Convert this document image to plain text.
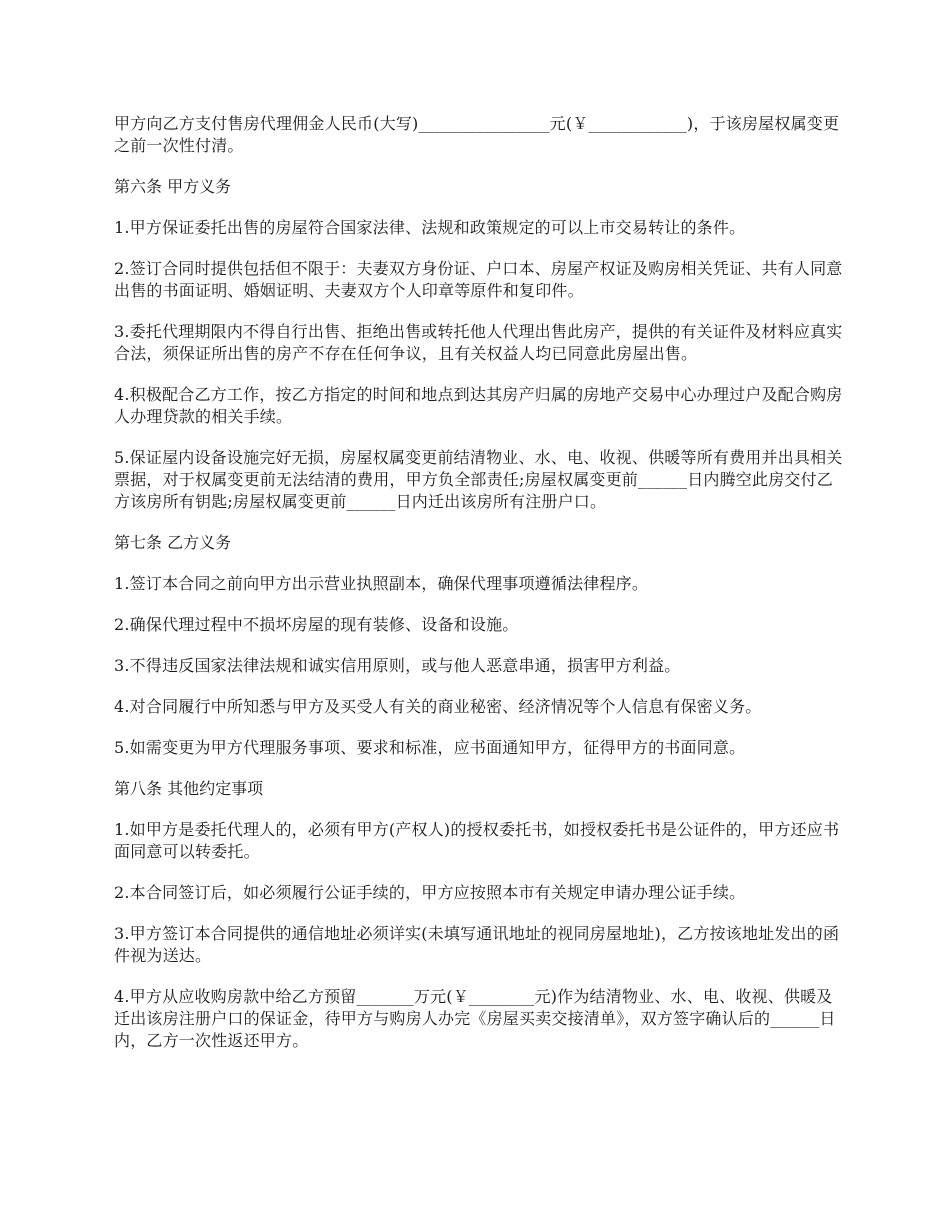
甲方向乙方支付售房代理佣金人民币(大写)________________元(￥____________)，于该房屋权属变更之前一次性付清。

第六条 甲方义务

1.甲方保证委托出售的房屋符合国家法律、法规和政策规定的可以上市交易转让的条件。

2.签订合同时提供包括但不限于：夫妻双方身份证、户口本、房屋产权证及购房相关凭证、共有人同意出售的书面证明、婚姻证明、夫妻双方个人印章等原件和复印件。

3.委托代理期限内不得自行出售、拒绝出售或转托他人代理出售此房产，提供的有关证件及材料应真实合法，须保证所出售的房产不存在任何争议，且有关权益人均已同意此房屋出售。

4.积极配合乙方工作，按乙方指定的时间和地点到达其房产归属的房地产交易中心办理过户及配合购房人办理贷款的相关手续。

5.保证屋内设备设施完好无损，房屋权属变更前结清物业、水、电、收视、供暖等所有费用并出具相关票据，对于权属变更前无法结清的费用，甲方负全部责任;房屋权属变更前______日内腾空此房交付乙方该房所有钥匙;房屋权属变更前______日内迁出该房所有注册户口。

第七条 乙方义务

1.签订本合同之前向甲方出示营业执照副本，确保代理事项遵循法律程序。

2.确保代理过程中不损坏房屋的现有装修、设备和设施。

3.不得违反国家法律法规和诚实信用原则，或与他人恶意串通，损害甲方利益。

4.对合同履行中所知悉与甲方及买受人有关的商业秘密、经济情况等个人信息有保密义务。

5.如需变更为甲方代理服务事项、要求和标准，应书面通知甲方，征得甲方的书面同意。

第八条 其他约定事项

1.如甲方是委托代理人的，必须有甲方(产权人)的授权委托书，如授权委托书是公证件的，甲方还应书面同意可以转委托。

2.本合同签订后，如必须履行公证手续的，甲方应按照本市有关规定申请办理公证手续。

3.甲方签订本合同提供的通信地址必须详实(未填写通讯地址的视同房屋地址)，乙方按该地址发出的函件视为送达。

4.甲方从应收购房款中给乙方预留_______万元(￥________元)作为结清物业、水、电、收视、供暖及迁出该房注册户口的保证金，待甲方与购房人办完《房屋买卖交接清单》，双方签字确认后的______日内，乙方一次性返还甲方。
